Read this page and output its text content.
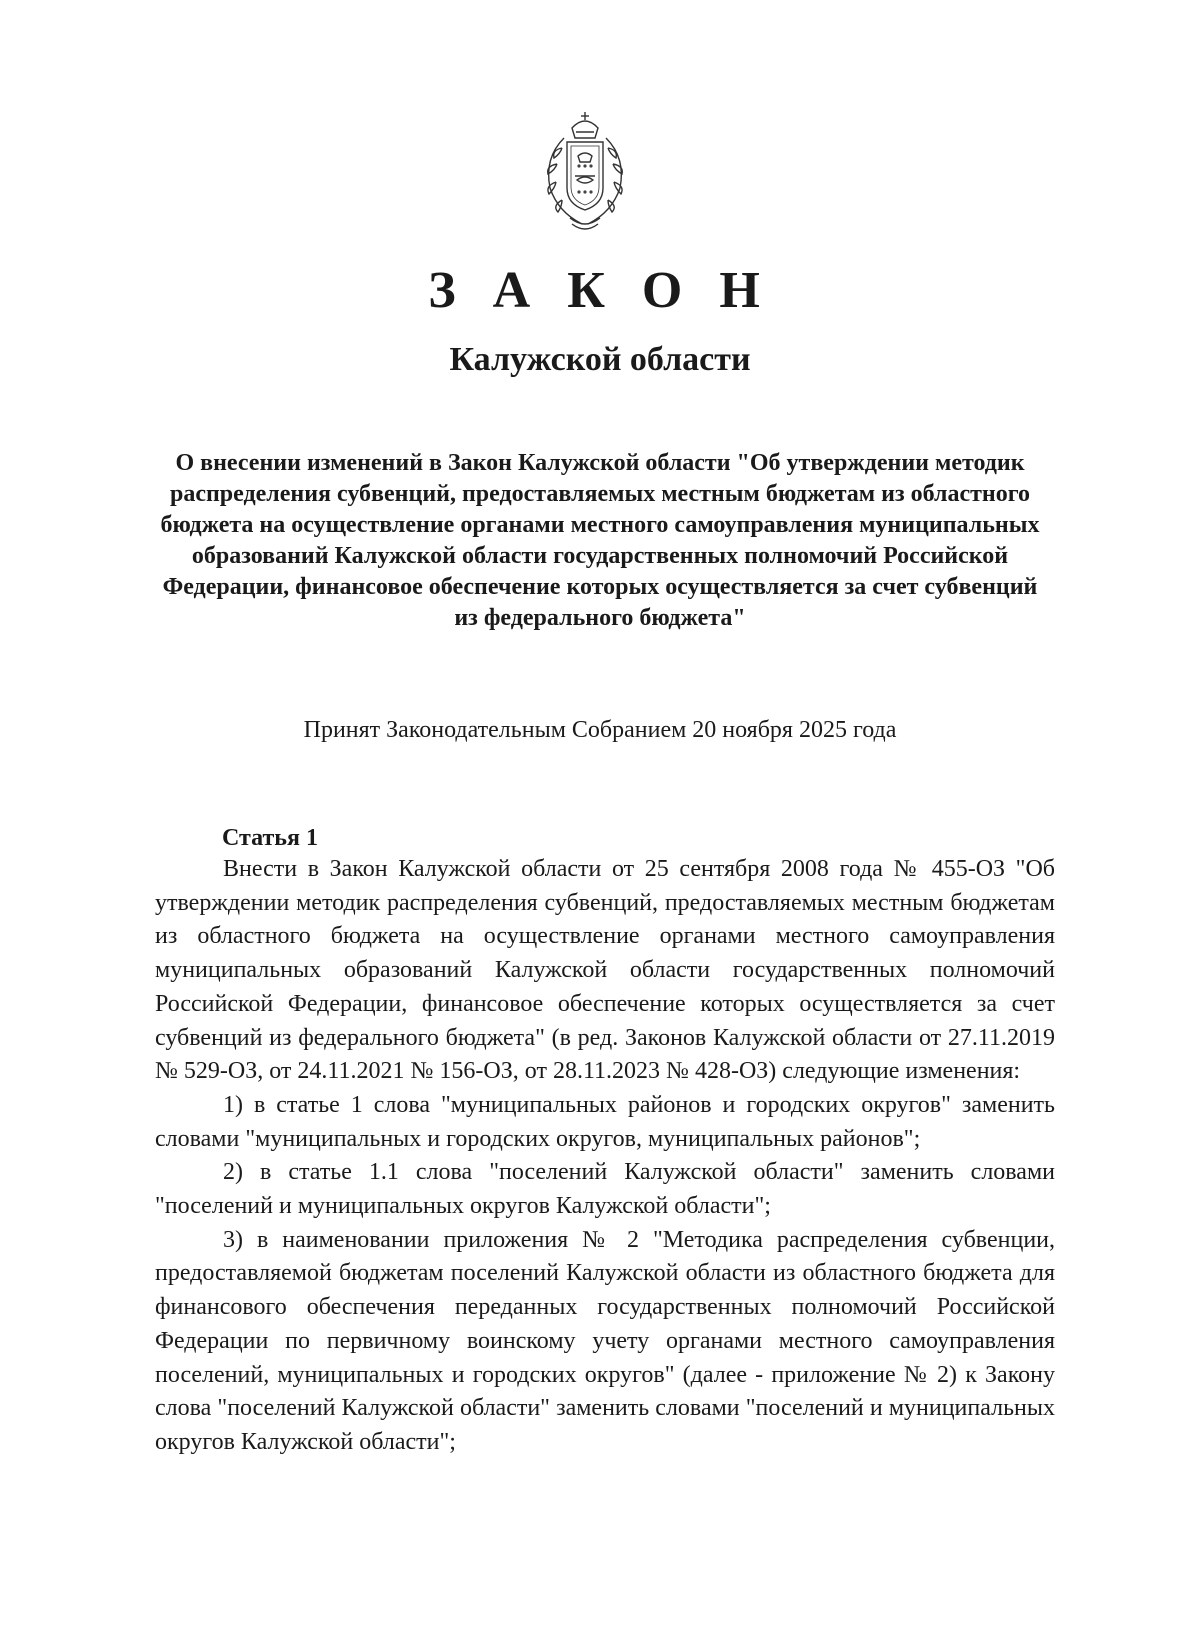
З А К О Н
Калужской области
О внесении изменений в Закон Калужской области "Об утверждении методик распределения субвенций, предоставляемых местным бюджетам из областного бюджета на осуществление органами местного самоуправления муниципальных образований Калужской области государственных полномочий Российской Федерации, финансовое обеспечение которых осуществляется за счет субвенций из федерального бюджета"
Принят Законодательным Собранием 20 ноября 2025 года
Статья 1

Внести в Закон Калужской области от 25 сентября 2008 года № 455-ОЗ "Об утверждении методик распределения субвенций, предоставляемых местным бюджетам из областного бюджета на осуществление органами местного самоуправления муниципальных образований Калужской области государственных полномочий Российской Федерации, финансовое обеспечение которых осуществляется за счет субвенций из федерального бюджета" (в ред. Законов Калужской области от 27.11.2019 № 529-ОЗ, от 24.11.2021 № 156-ОЗ, от 28.11.2023 № 428-ОЗ) следующие изменения:

1) в статье 1 слова "муниципальных районов и городских округов" заменить словами "муниципальных и городских округов, муниципальных районов";

2) в статье 1.1 слова "поселений Калужской области" заменить словами "поселений и муниципальных округов Калужской области";

3) в наименовании приложения № 2 "Методика распределения субвенции, предоставляемой бюджетам поселений Калужской области из областного бюджета для финансового обеспечения переданных государственных полномочий Российской Федерации по первичному воинскому учету органами местного самоуправления поселений, муниципальных и городских округов" (далее - приложение № 2) к Закону слова "поселений Калужской области" заменить словами "поселений и муниципальных округов Калужской области";
